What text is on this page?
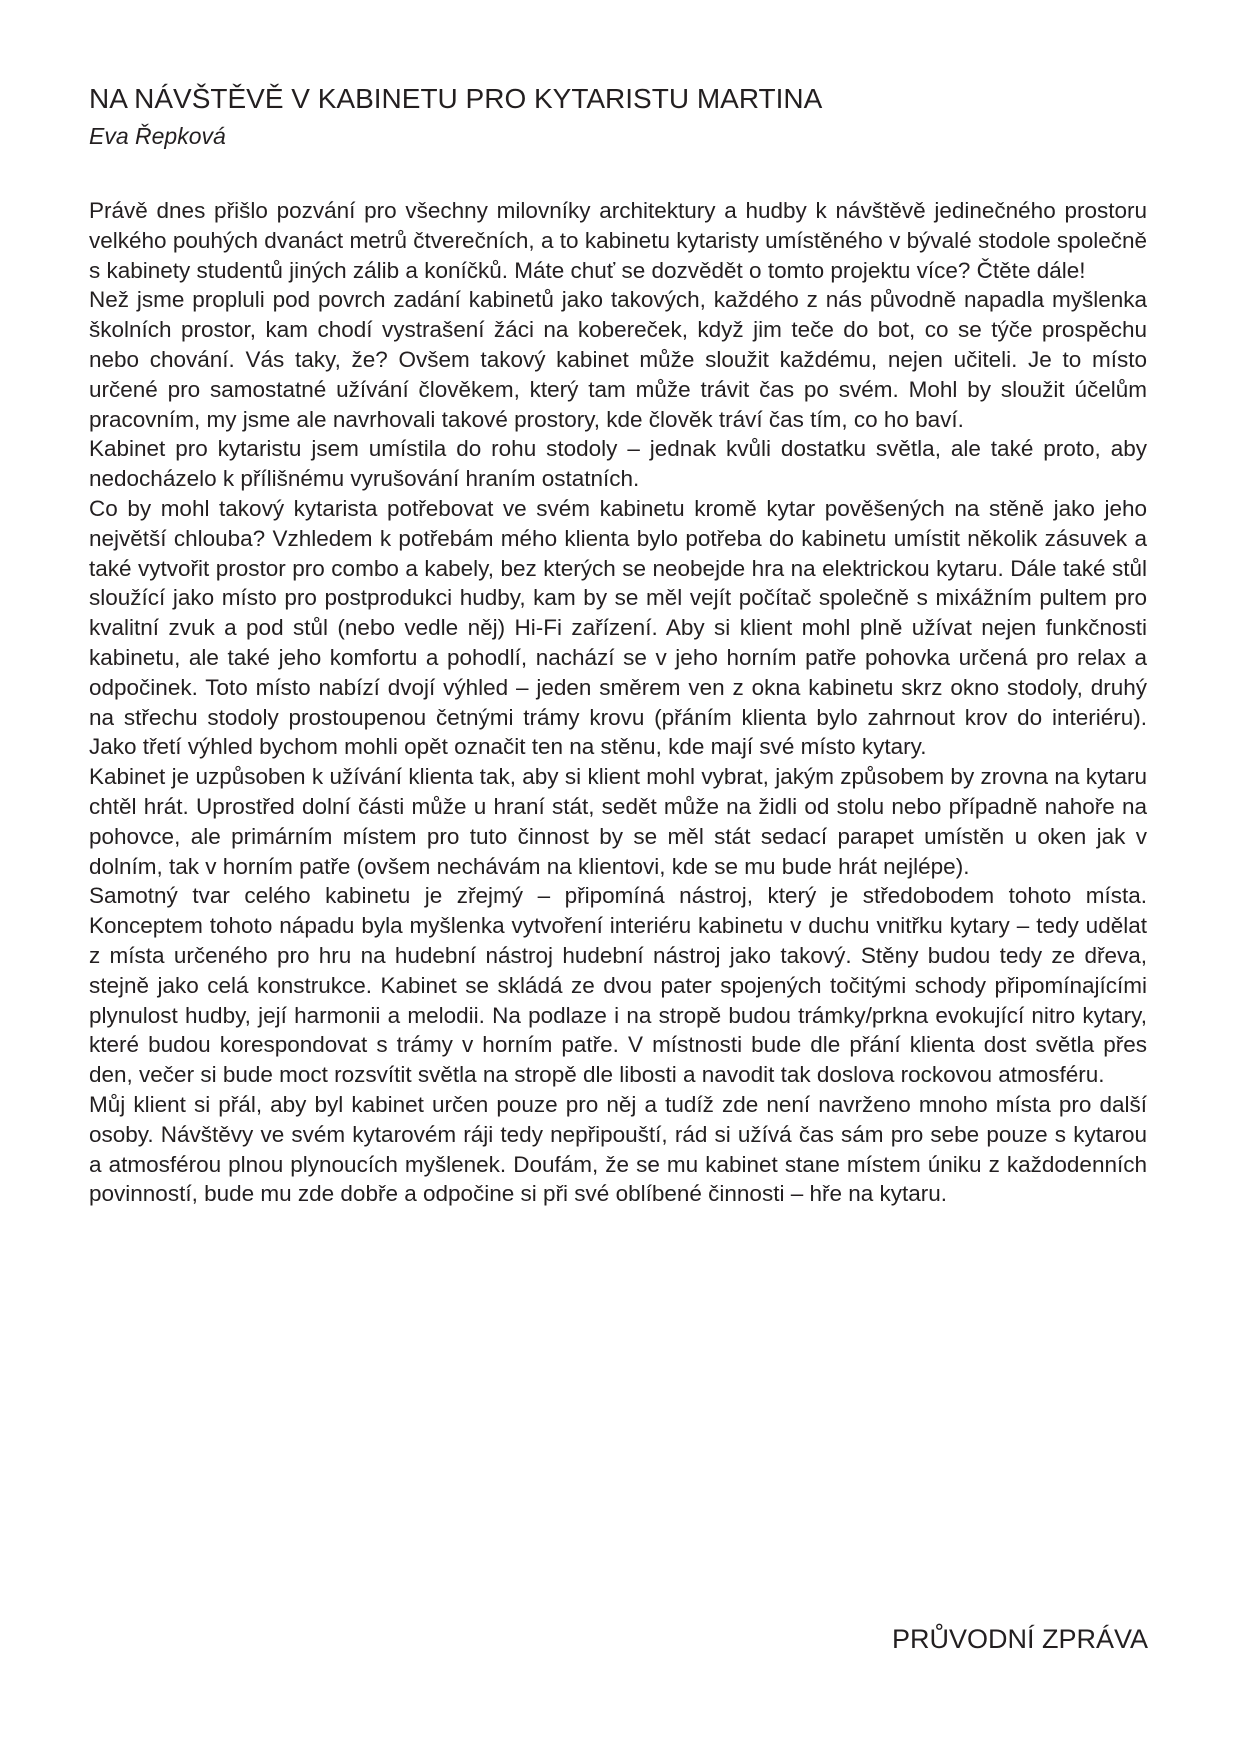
NA NÁVŠTĚVĚ V KABINETU PRO KYTARISTU MARTINA
Eva Řepková

Právě dnes přišlo pozvání pro všechny milovníky architektury a hudby k návštěvě jedinečného prostoru velkého pouhých dvanáct metrů čtverečních, a to kabinetu kytaristy umístěného v bývalé stodole společně s kabinety studentů jiných zálib a koníčků. Máte chuť se dozvědět o tomto projektu více? Čtěte dále!

Než jsme propluli pod povrch zadání kabinetů jako takových, každého z nás původně napadla myšlenka školních prostor, kam chodí vystrašení žáci na kobereček, když jim teče do bot, co se týče prospěchu nebo chování. Vás taky, že? Ovšem takový kabinet může sloužit každému, nejen učiteli. Je to místo určené pro samostatné užívání člověkem, který tam může trávit čas po svém. Mohl by sloužit účelům pracovním, my jsme ale navrhovali takové prostory, kde člověk tráví čas tím, co ho baví.

Kabinet pro kytaristu jsem umístila do rohu stodoly – jednak kvůli dostatku světla, ale také proto, aby nedocházelo k přílišnému vyrušování hraním ostatních.

Co by mohl takový kytarista potřebovat ve svém kabinetu kromě kytar pověšených na stěně jako jeho největší chlouba? Vzhledem k potřebám mého klienta bylo potřeba do kabinetu umístit několik zásuvek a také vytvořit prostor pro combo a kabely, bez kterých se neobejde hra na elektrickou kytaru. Dále také stůl sloužící jako místo pro postprodukci hudby, kam by se měl vejít počítač společně s mixážním pultem pro kvalitní zvuk a pod stůl (nebo vedle něj) Hi-Fi zařízení. Aby si klient mohl plně užívat nejen funkčnosti kabinetu, ale také jeho komfortu a pohodlí, nachází se v jeho horním patře pohovka určená pro relax a odpočinek. Toto místo nabízí dvojí výhled – jeden směrem ven z okna kabinetu skrz okno stodoly, druhý na střechu stodoly prostoupenou četnými trámy krovu (přáním klienta bylo zahrnout krov do interiéru). Jako třetí výhled bychom mohli opět označit ten na stěnu, kde mají své místo kytary.

Kabinet je uzpůsoben k užívání klienta tak, aby si klient mohl vybrat, jakým způsobem by zrovna na kytaru chtěl hrát. Uprostřed dolní části může u hraní stát, sedět může na židli od stolu nebo případně nahoře na pohovce, ale primárním místem pro tuto činnost by se měl stát sedací parapet umístěn u oken jak v dolním, tak v horním patře (ovšem nechávám na klientovi, kde se mu bude hrát nejlépe).

Samotný tvar celého kabinetu je zřejmý – připomíná nástroj, který je středobodem tohoto místa. Konceptem tohoto nápadu byla myšlenka vytvoření interiéru kabinetu v duchu vnitřku kytary – tedy udělat z místa určeného pro hru na hudební nástroj hudební nástroj jako takový. Stěny budou tedy ze dřeva, stejně jako celá konstrukce. Kabinet se skládá ze dvou pater spojených točitými schody připomínajícími plynulost hudby, její harmonii a melodii. Na podlaze i na stropě budou trámky/prkna evokující nitro kytary, které budou korespondovat s trámy v horním patře. V místnosti bude dle přání klienta dost světla přes den, večer si bude moct rozsvítit světla na stropě dle libosti a navodit tak doslova rockovou atmosféru.

Můj klient si přál, aby byl kabinet určen pouze pro něj a tudíž zde není navrženo mnoho místa pro další osoby. Návštěvy ve svém kytarovém ráji tedy nepřipouští, rád si užívá čas sám pro sebe pouze s kytarou a atmosférou plnou plynoucích myšlenek. Doufám, že se mu kabinet stane místem úniku z každodenních povinností, bude mu zde dobře a odpočine si při své oblíbené činnosti – hře na kytaru.

PRŮVODNÍ ZPRÁVA
